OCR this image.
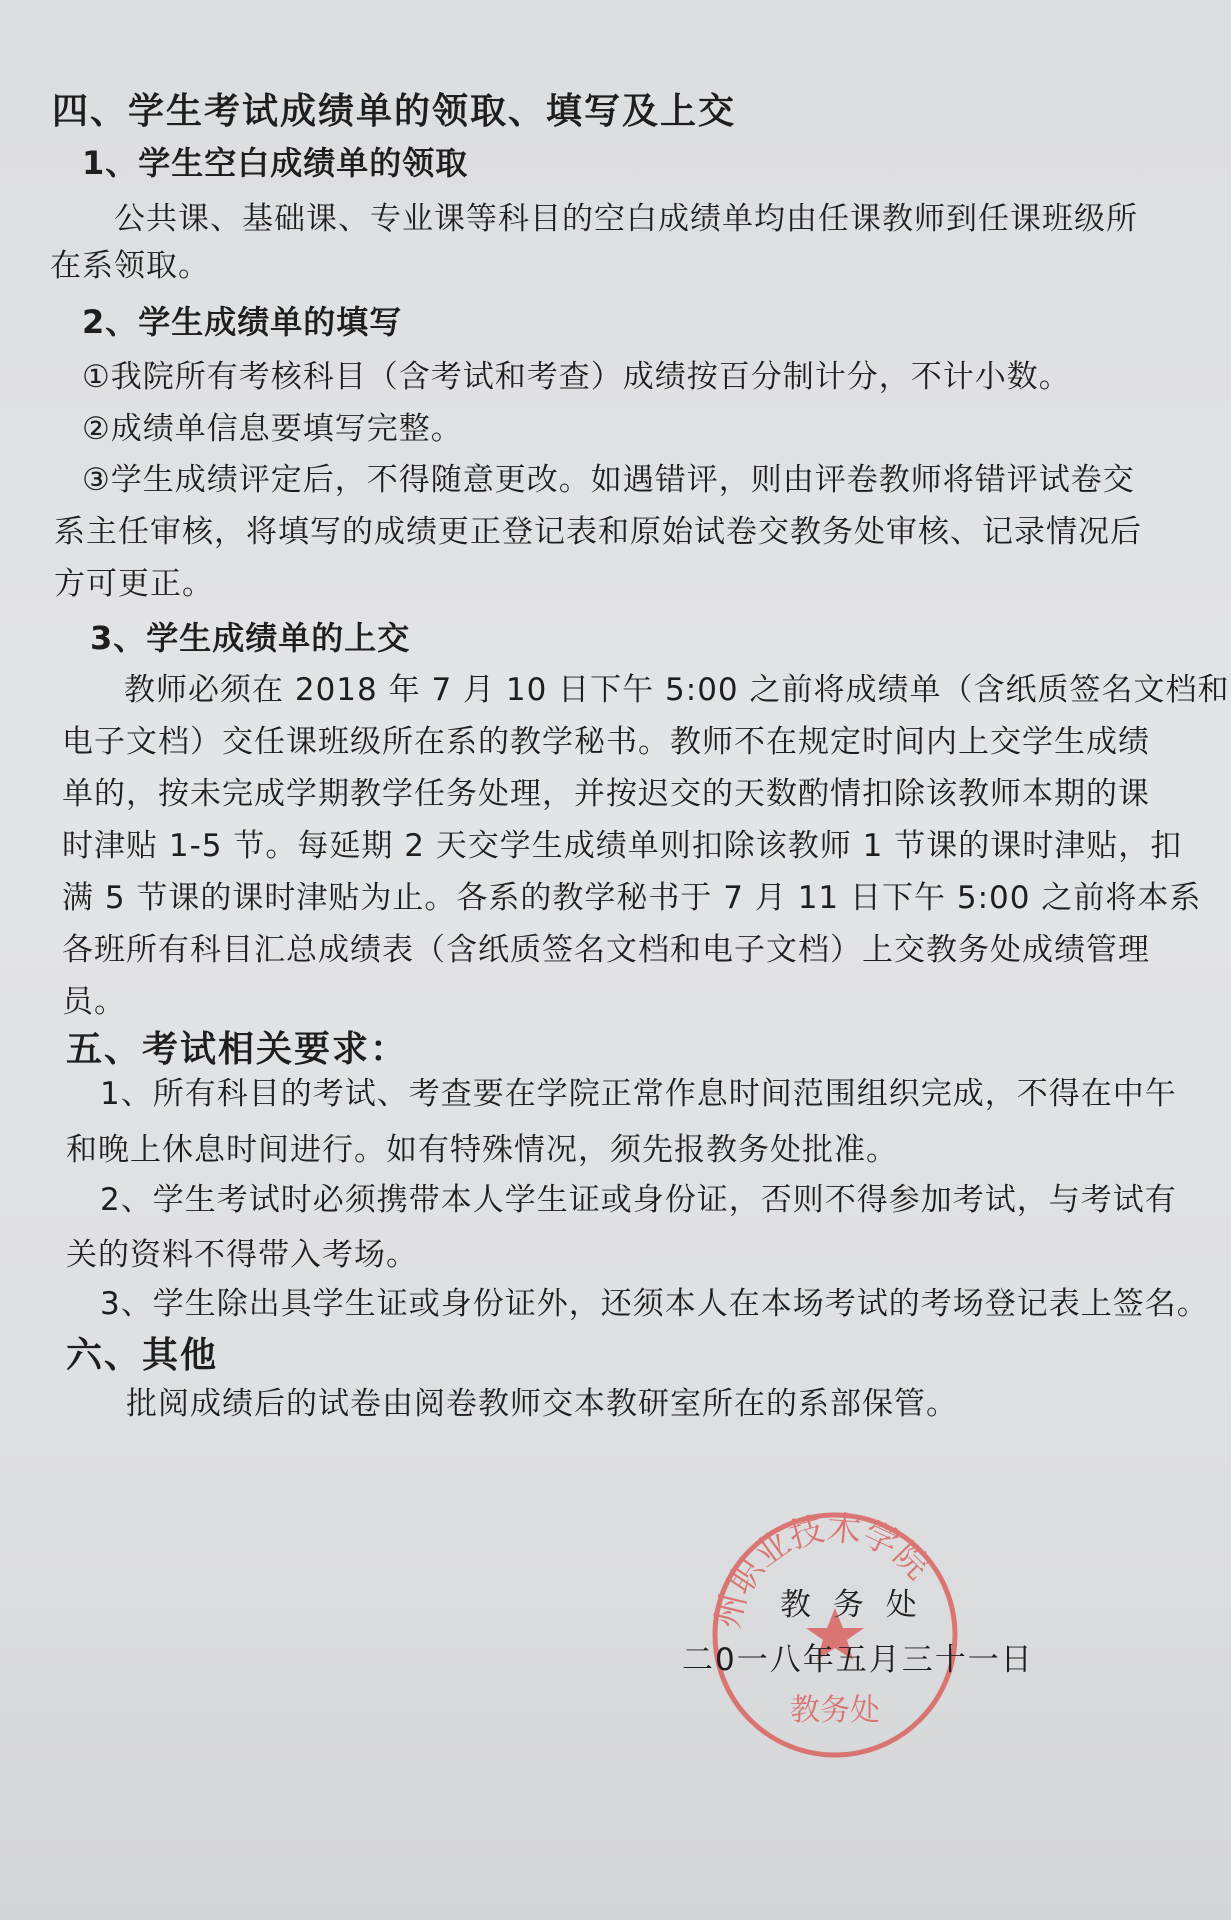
四、学生考试成绩单的领取、填写及上交
1、学生空白成绩单的领取
公共课、基础课、专业课等科目的空白成绩单均由任课教师到任课班级所
在系领取。
2、学生成绩单的填写
①我院所有考核科目（含考试和考查）成绩按百分制计分，不计小数。
②成绩单信息要填写完整。
③学生成绩评定后，不得随意更改。如遇错评，则由评卷教师将错评试卷交
系主任审核，将填写的成绩更正登记表和原始试卷交教务处审核、记录情况后
方可更正。
3、学生成绩单的上交
教师必须在 2018 年 7 月 10 日下午 5:00 之前将成绩单（含纸质签名文档和
电子文档）交任课班级所在系的教学秘书。教师不在规定时间内上交学生成绩
单的，按未完成学期教学任务处理，并按迟交的天数酌情扣除该教师本期的课
时津贴 1-5 节。每延期 2 天交学生成绩单则扣除该教师 1 节课的课时津贴，扣
满 5 节课的课时津贴为止。各系的教学秘书于 7 月 11 日下午 5:00 之前将本系
各班所有科目汇总成绩表（含纸质签名文档和电子文档）上交教务处成绩管理
员。
五、考试相关要求：
1、所有科目的考试、考查要在学院正常作息时间范围组织完成，不得在中午
和晚上休息时间进行。如有特殊情况，须先报教务处批准。
2、学生考试时必须携带本人学生证或身份证，否则不得参加考试，与考试有
关的资料不得带入考场。
3、学生除出具学生证或身份证外，还须本人在本场考试的考场登记表上签名。
六、其他
批阅成绩后的试卷由阅卷教师交本教研室所在的系部保管。
州职业技术学院
教务处
教 务 处
二0一八年五月三十一日
